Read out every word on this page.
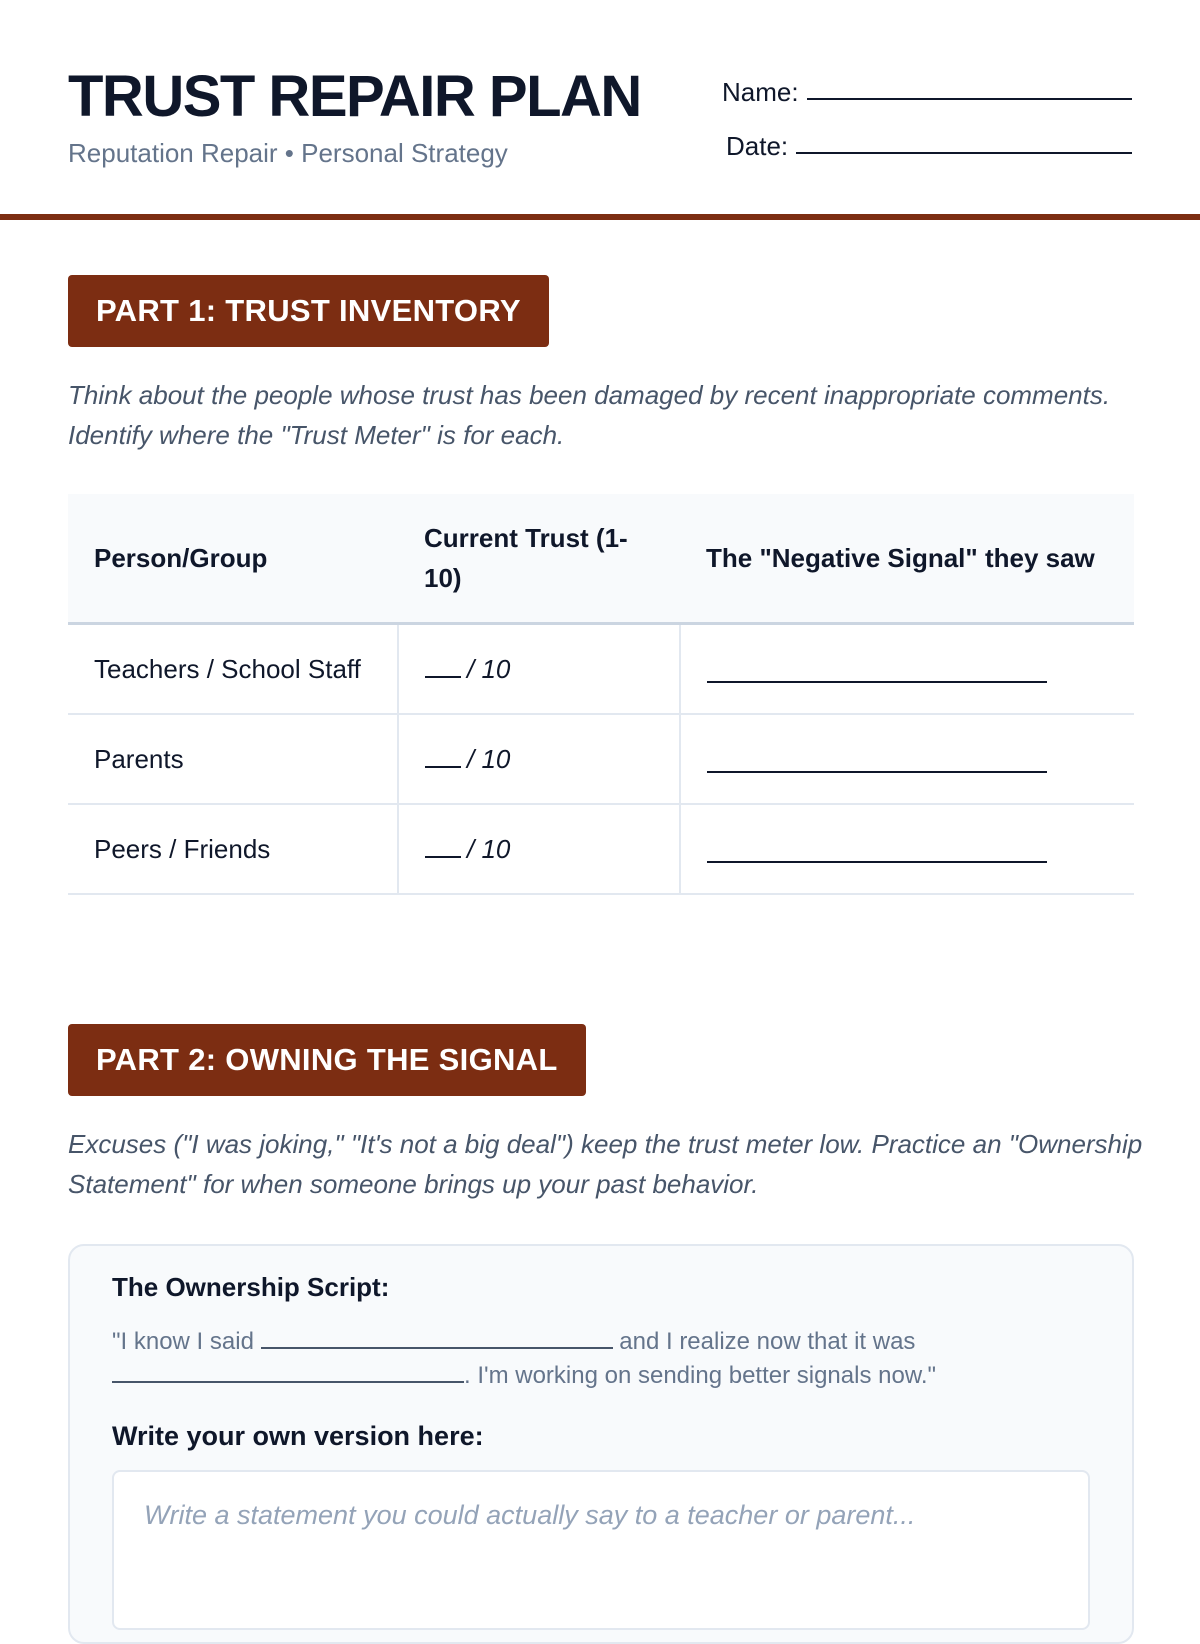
TRUST REPAIR PLAN

Reputation Repair • Personal Strategy

Name:
Date:
PART 1: TRUST INVENTORY

Think about the people whose trust has been damaged by recent inappropriate comments. Identify where the "Trust Meter" is for each.

Person/Group	Current Trust (1-10)	The "Negative Signal" they saw
Teachers / School Staff	/ 10	
Parents	/ 10	
Peers / Friends	/ 10	
PART 2: OWNING THE SIGNAL

Excuses ("I was joking," "It's not a big deal") keep the trust meter low. Practice an "Ownership Statement" for when someone brings up your past behavior.

The Ownership Script:

"I know I said	and I realize now that it was
. I'm working on sending better signals now."

Write your own version here:

Write a statement you could actually say to a teacher or parent...
